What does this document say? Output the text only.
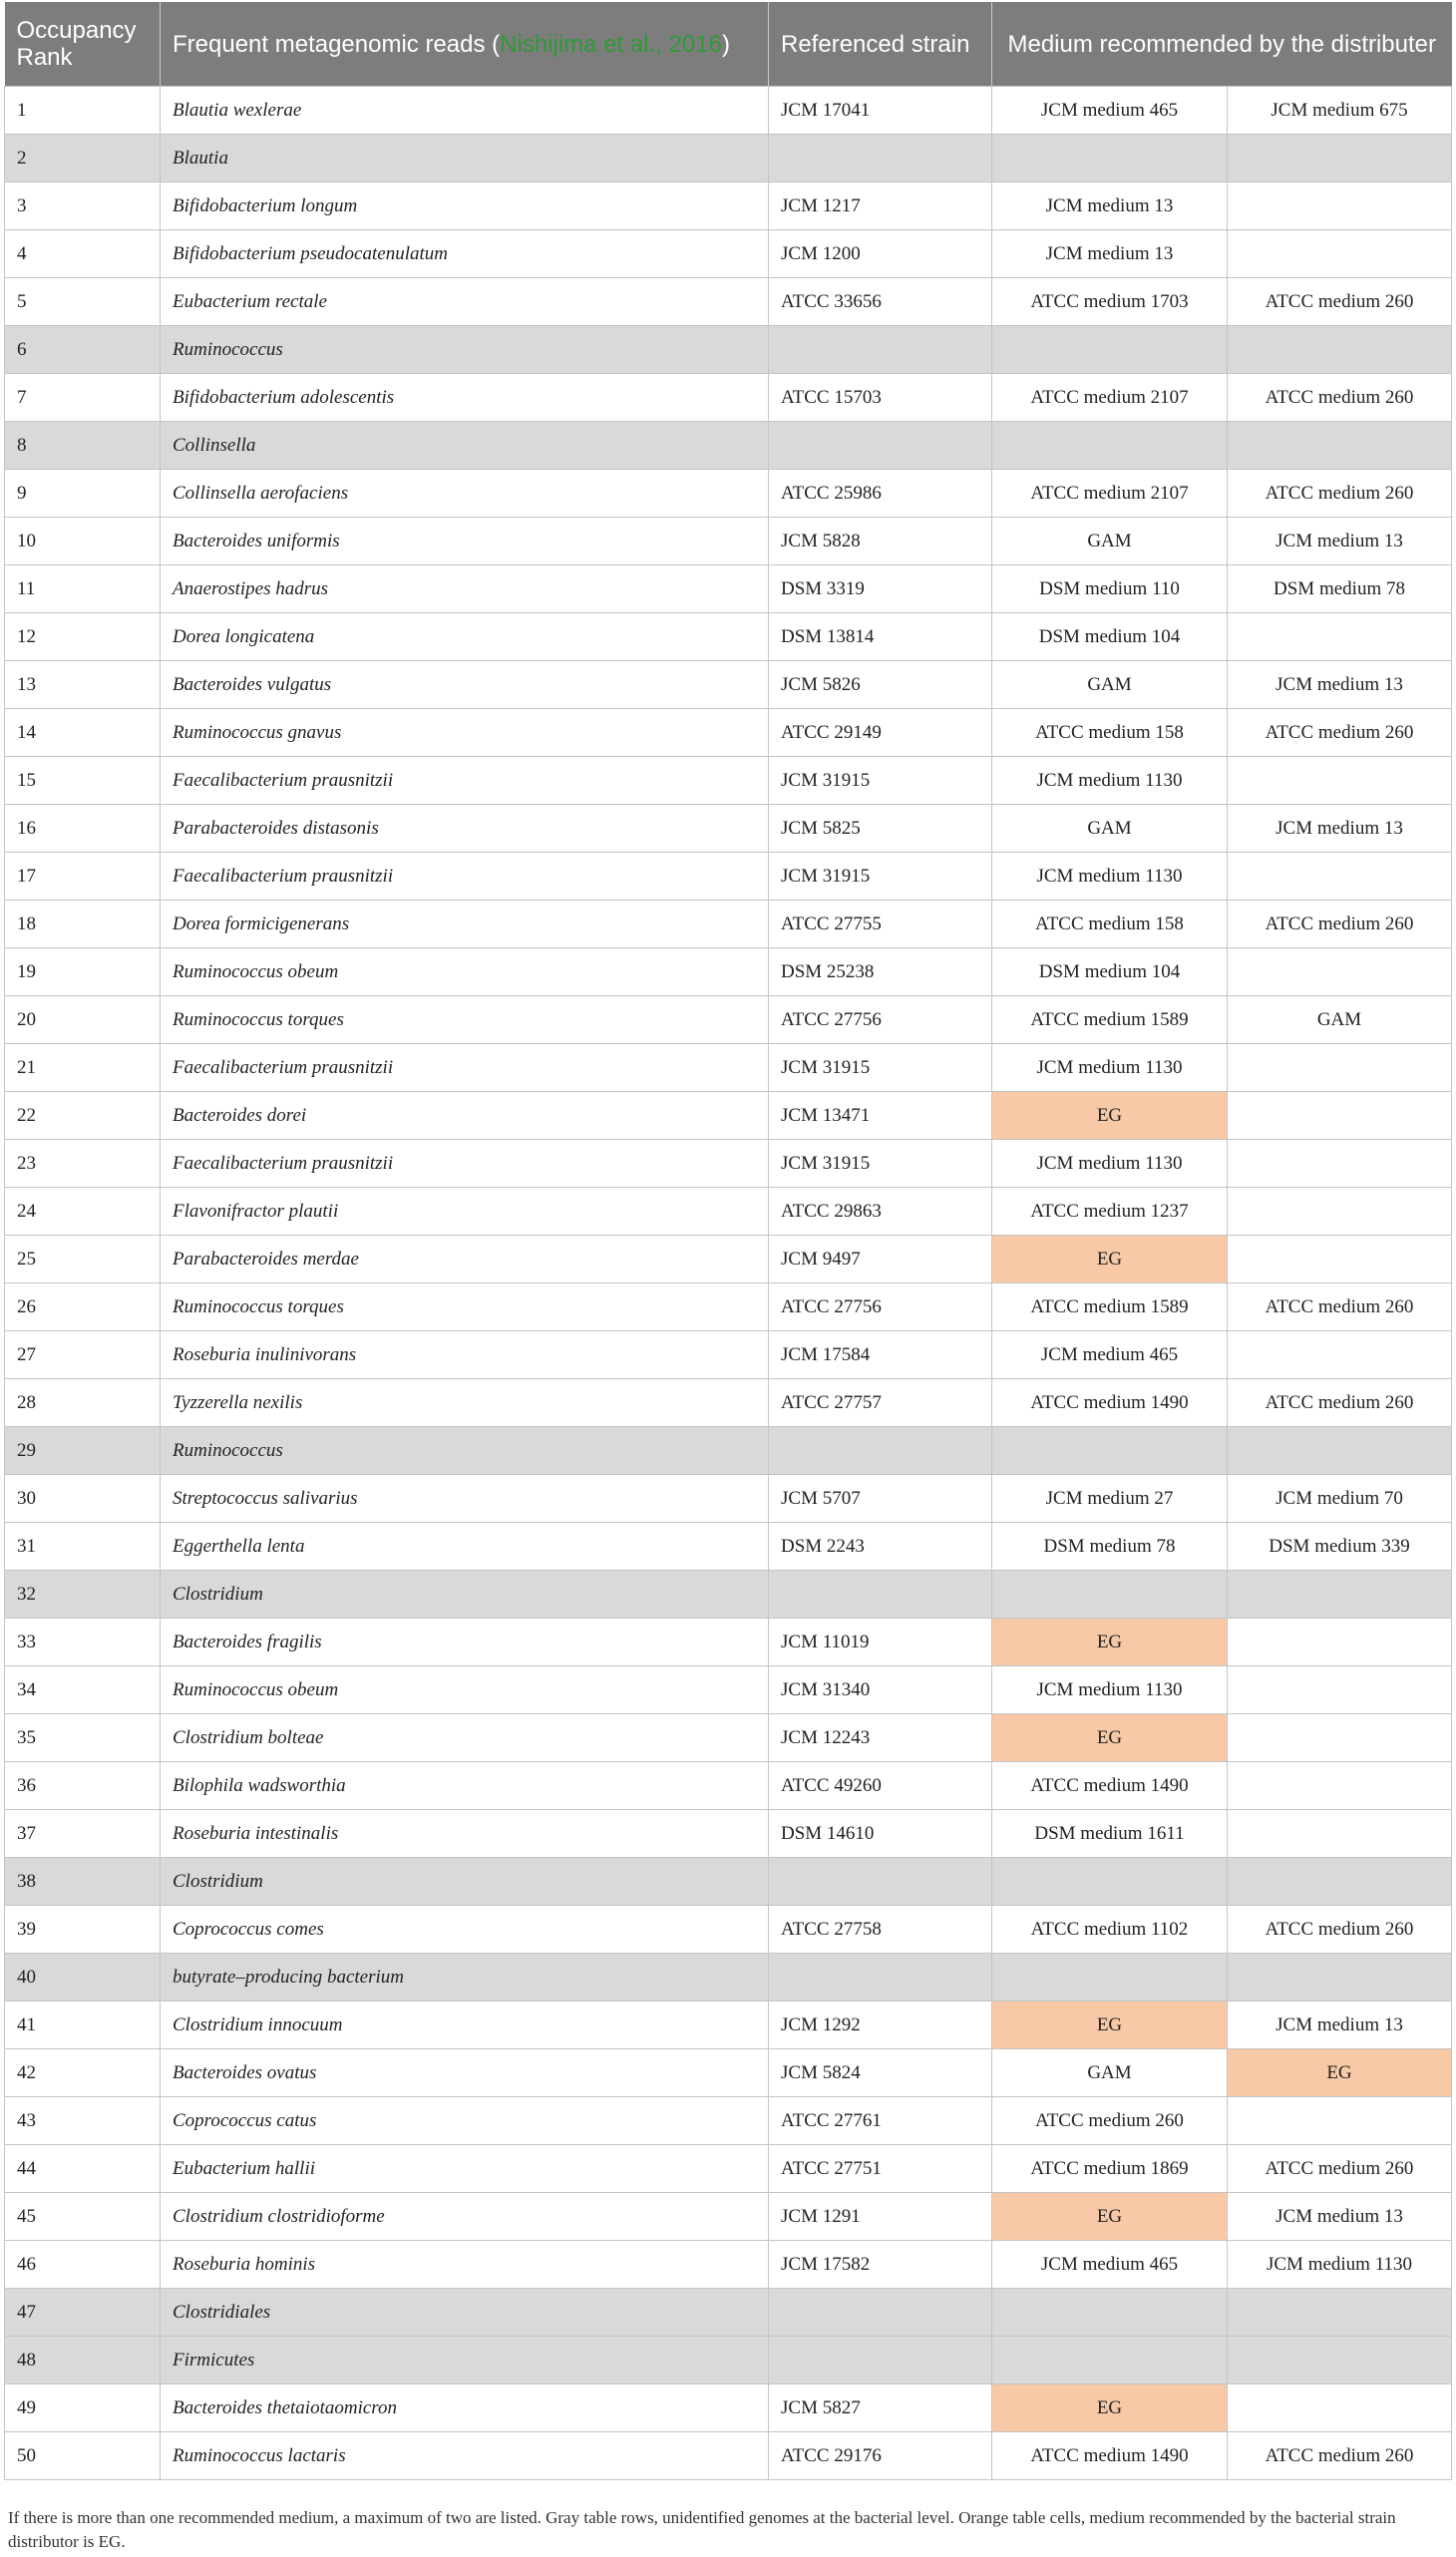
Occupancy Rank	Frequent metagenomic reads (Nishijima et al., 2016)	Referenced strain	Medium recommended by the distributer	
1	Blautia wexlerae	JCM 17041	JCM medium 465	JCM medium 675
2	Blautia			
3	Bifidobacterium longum	JCM 1217	JCM medium 13	
4	Bifidobacterium pseudocatenulatum	JCM 1200	JCM medium 13	
5	Eubacterium rectale	ATCC 33656	ATCC medium 1703	ATCC medium 260
6	Ruminococcus			
7	Bifidobacterium adolescentis	ATCC 15703	ATCC medium 2107	ATCC medium 260
8	Collinsella			
9	Collinsella aerofaciens	ATCC 25986	ATCC medium 2107	ATCC medium 260
10	Bacteroides uniformis	JCM 5828	GAM	JCM medium 13
11	Anaerostipes hadrus	DSM 3319	DSM medium 110	DSM medium 78
12	Dorea longicatena	DSM 13814	DSM medium 104	
13	Bacteroides vulgatus	JCM 5826	GAM	JCM medium 13
14	Ruminococcus gnavus	ATCC 29149	ATCC medium 158	ATCC medium 260
15	Faecalibacterium prausnitzii	JCM 31915	JCM medium 1130	
16	Parabacteroides distasonis	JCM 5825	GAM	JCM medium 13
17	Faecalibacterium prausnitzii	JCM 31915	JCM medium 1130	
18	Dorea formicigenerans	ATCC 27755	ATCC medium 158	ATCC medium 260
19	Ruminococcus obeum	DSM 25238	DSM medium 104	
20	Ruminococcus torques	ATCC 27756	ATCC medium 1589	GAM
21	Faecalibacterium prausnitzii	JCM 31915	JCM medium 1130	
22	Bacteroides dorei	JCM 13471	EG	
23	Faecalibacterium prausnitzii	JCM 31915	JCM medium 1130	
24	Flavonifractor plautii	ATCC 29863	ATCC medium 1237	
25	Parabacteroides merdae	JCM 9497	EG	
26	Ruminococcus torques	ATCC 27756	ATCC medium 1589	ATCC medium 260
27	Roseburia inulinivorans	JCM 17584	JCM medium 465	
28	Tyzzerella nexilis	ATCC 27757	ATCC medium 1490	ATCC medium 260
29	Ruminococcus			
30	Streptococcus salivarius	JCM 5707	JCM medium 27	JCM medium 70
31	Eggerthella lenta	DSM 2243	DSM medium 78	DSM medium 339
32	Clostridium			
33	Bacteroides fragilis	JCM 11019	EG	
34	Ruminococcus obeum	JCM 31340	JCM medium 1130	
35	Clostridium bolteae	JCM 12243	EG	
36	Bilophila wadsworthia	ATCC 49260	ATCC medium 1490	
37	Roseburia intestinalis	DSM 14610	DSM medium 1611	
38	Clostridium			
39	Coprococcus comes	ATCC 27758	ATCC medium 1102	ATCC medium 260
40	butyrate–producing bacterium			
41	Clostridium innocuum	JCM 1292	EG	JCM medium 13
42	Bacteroides ovatus	JCM 5824	GAM	EG
43	Coprococcus catus	ATCC 27761	ATCC medium 260	
44	Eubacterium hallii	ATCC 27751	ATCC medium 1869	ATCC medium 260
45	Clostridium clostridioforme	JCM 1291	EG	JCM medium 13
46	Roseburia hominis	JCM 17582	JCM medium 465	JCM medium 1130
47	Clostridiales			
48	Firmicutes			
49	Bacteroides thetaiotaomicron	JCM 5827	EG	
50	Ruminococcus lactaris	ATCC 29176	ATCC medium 1490	ATCC medium 260
If there is more than one recommended medium, a maximum of two are listed. Gray table rows, unidentified genomes at the bacterial level. Orange table cells, medium recommended by the bacterial strain distributor is EG.
